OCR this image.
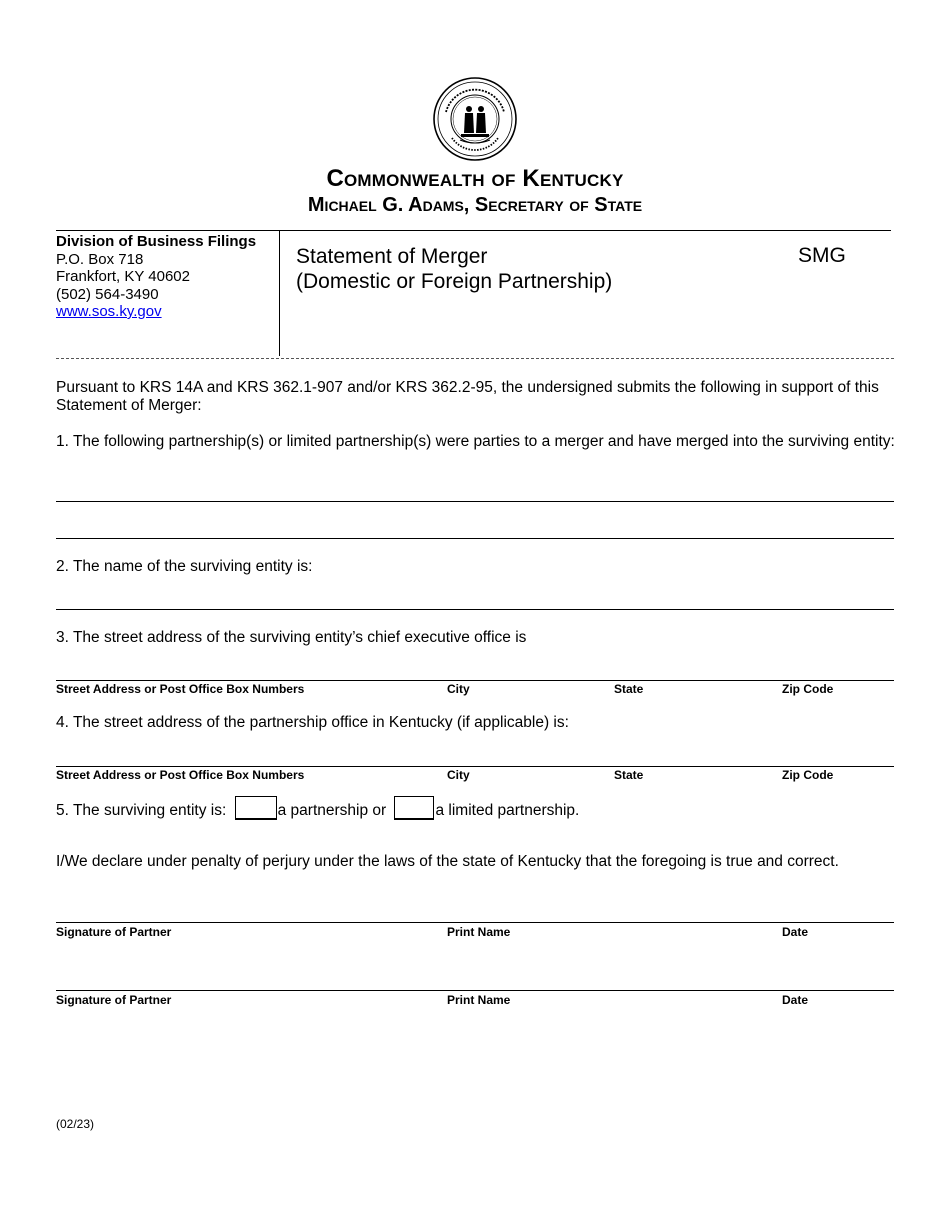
Commonwealth of Kentucky
Michael G. Adams, Secretary of State
Division of Business Filings
P.O. Box 718
Frankfort, KY 40602
(502) 564-3490
www.sos.ky.gov
Statement of Merger
(Domestic or Foreign Partnership)
SMG
Pursuant to KRS 14A and KRS 362.1-907 and/or KRS 362.2-95, the undersigned submits the following in support of this Statement of Merger:
1. The following partnership(s) or limited partnership(s) were parties to a merger and have merged into the surviving entity:
2. The name of the surviving entity is:
3. The street address of the surviving entity’s chief executive office is
Street Address or Post Office Box Numbers	City	State	Zip Code
4. The street address of the partnership office in Kentucky (if applicable) is:
Street Address or Post Office Box Numbers	City	State	Zip Code
5. The surviving entity is:	a partnership or	a limited partnership.
I/We declare under penalty of perjury under the laws of the state of Kentucky that the foregoing is true and correct.
Signature of Partner	Print Name	Date
Signature of Partner	Print Name	Date
(02/23)
